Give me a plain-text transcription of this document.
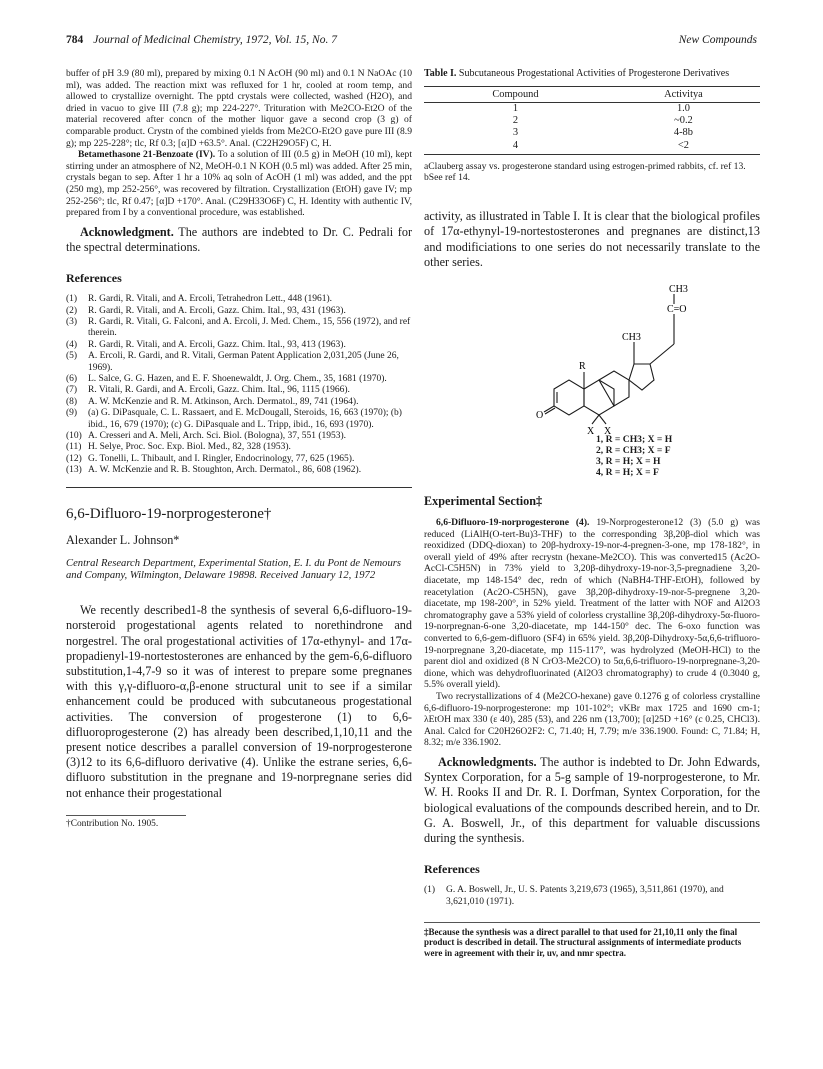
784 Journal of Medicinal Chemistry, 1972, Vol. 15, No. 7	New Compounds

buffer of pH 3.9 (80 ml), prepared by mixing 0.1 N AcOH (90 ml) and 0.1 N NaOAc (10 ml), was added. The reaction mixt was refluxed for 1 hr, cooled at room temp, and allowed to crystallize overnight. The pptd crystals were collected, washed (H2O), and dried in vacuo to give III (7.8 g); mp 224-227°. Trituration with Me2CO-Et2O of the material recovered after concn of the mother liquor gave a second crop (3 g) of comparable product. Crystn of the combined yields from Me2CO-Et2O gave pure III (8.9 g); mp 225-228°; tlc, Rf 0.3; [α]D +63.5°. Anal. (C22H29O5F) C, H.

Betamethasone 21-Benzoate (IV). To a solution of III (0.5 g) in MeOH (10 ml), kept stirring under an atmosphere of N2, MeOH-0.1 N KOH (0.5 ml) was added. After 25 min, crystals began to sep. After 1 hr a 10% aq soln of AcOH (1 ml) was added, and the ppt (250 mg), mp 252-256°, was recovered by filtration. Crystallization (EtOH) gave IV; mp 252-256°; tlc, Rf 0.47; [α]D +170°. Anal. (C29H33O6F) C, H. Identity with authentic IV, prepared from I by a conventional procedure, was established.

Acknowledgment. The authors are indebted to Dr. C. Pedrali for the spectral determinations.

References
(1) R. Gardi, R. Vitali, and A. Ercoli, Tetrahedron Lett., 448 (1961).
(2) R. Gardi, R. Vitali, and A. Ercoli, Gazz. Chim. Ital., 93, 431 (1963).
(3) R. Gardi, R. Vitali, G. Falconi, and A. Ercoli, J. Med. Chem., 15, 556 (1972), and ref therein.
(4) R. Gardi, R. Vitali, and A. Ercoli, Gazz. Chim. Ital., 93, 413 (1963).
(5) A. Ercoli, R. Gardi, and R. Vitali, German Patent Application 2,031,205 (June 26, 1969).
(6) L. Salce, G. G. Hazen, and E. F. Shoenewaldt, J. Org. Chem., 35, 1681 (1970).
(7) R. Vitali, R. Gardi, and A. Ercoli, Gazz. Chim. Ital., 96, 1115 (1966).
(8) A. W. McKenzie and R. M. Atkinson, Arch. Dermatol., 89, 741 (1964).
(9) (a) G. DiPasquale, C. L. Rassaert, and E. McDougall, Steroids, 16, 663 (1970); (b) ibid., 16, 679 (1970); (c) G. DiPasquale and L. Tripp, ibid., 16, 693 (1970).
(10) A. Cresseri and A. Meli, Arch. Sci. Biol. (Bologna), 37, 551 (1953).
(11) H. Selye, Proc. Soc. Exp. Biol. Med., 82, 328 (1953).
(12) G. Tonelli, L. Thibault, and I. Ringler, Endocrinology, 77, 625 (1965).
(13) A. W. McKenzie and R. B. Stoughton, Arch. Dermatol., 86, 608 (1962).
6,6-Difluoro-19-norprogesterone†
Alexander L. Johnson*
Central Research Department, Experimental Station, E. I. du Pont de Nemours and Company, Wilmington, Delaware 19898. Received January 12, 1972

We recently described1-8 the synthesis of several 6,6-difluoro-19-norsteroid progestational agents related to norethindrone and norgestrel. The oral progestational activities of 17α-ethynyl- and 17α-propadienyl-19-nortestosterones are enhanced by the gem-6,6-difluoro substitution,1-4,7-9 so it was of interest to prepare some pregnanes with this γ,γ-difluoro-α,β-enone structural unit to see if a similar enhancement could be produced with subcutaneous progestational activities. The conversion of progesterone (1) to 6,6-difluoroprogesterone (2) has already been described,1,10,11 and the present notice describes a parallel conversion of 19-norprogesterone (3)12 to its 6,6-difluoro derivative (4). Unlike the estrane series, 6,6-difluoro substitution in the pregnane and 19-norpregnane series did not enhance their progestational

†Contribution No. 1905.

Table I. Subcutaneous Progestational Activities of Progesterone Derivatives

Compound	Activitya
1	1.0
2	~0.2
3	4-8b
4	<2

aClauberg assay vs. progesterone standard using estrogen-primed rabbits, cf. ref 13. bSee ref 14.

activity, as illustrated in Table I. It is clear that the biological profiles of 17α-ethynyl-19-nortestosterones and pregnanes are distinct,13 and modificiations to one series do not necessarily translate to the other series.

CH3
C=O
CH3
R
O
X X
1, R = CH3; X = H
2, R = CH3; X = F
3, R = H; X = H
4, R = H; X = F
Experimental Section‡

6,6-Difluoro-19-norprogesterone (4). 19-Norprogesterone12 (3) (5.0 g) was reduced (LiAlH(O-tert-Bu)3-THF) to the corresponding 3β,20β-diol which was reoxidized (DDQ-dioxan) to 20β-hydroxy-19-nor-4-pregnen-3-one, mp 178-182°, in overall yield of 49% after recrystn (hexane-Me2CO). This was converted15 (Ac2O-AcCl-C5H5N) in 73% yield to 3,20β-dihydroxy-19-nor-3,5-pregnadiene 3,20-diacetate, mp 148-154° dec, redn of which (NaBH4-THF-EtOH), followed by reacetylation (Ac2O-C5H5N), gave 3β,20β-dihydroxy-19-nor-5-pregnene 3,20-diacetate, mp 198-200°, in 52% yield. Treatment of the latter with NOF and Al2O3 chromatography gave a 53% yield of colorless crystalline 3β,20β-dihydroxy-5α-fluoro-19-norpregnan-6-one 3,20-diacetate, mp 144-150° dec. The 6-oxo function was converted to 6,6-gem-difluoro (SF4) in 65% yield. 3β,20β-Dihydroxy-5α,6,6-trifluoro-19-norpregnane 3,20-diacetate, mp 115-117°, was hydrolyzed (MeOH-HCl) to the parent diol and oxidized (8 N CrO3-Me2CO) to 5α,6,6-trifluoro-19-norpregnane-3,20-dione, which was dehydrofluorinated (Al2O3 chromatography) to crude 4 (0.3040 g, 5.5% overall yield).

Two recrystallizations of 4 (Me2CO-hexane) gave 0.1276 g of colorless crystalline 6,6-difluoro-19-norprogesterone: mp 101-102°; νKBr max 1725 and 1690 cm-1; λEtOH max 330 (ε 40), 285 (53), and 226 nm (13,700); [α]25D +16° (c 0.25, CHCl3). Anal. Calcd for C20H26O2F2: C, 71.40; H, 7.79; m/e 336.1900. Found: C, 71.84; H, 8.32; m/e 336.1902.

Acknowledgments. The author is indebted to Dr. John Edwards, Syntex Corporation, for a 5-g sample of 19-norprogesterone, to Mr. W. H. Rooks II and Dr. R. I. Dorfman, Syntex Corporation, for the biological evaluations of the compounds described herein, and to Dr. G. A. Boswell, Jr., of this department for valuable discussions during the synthesis.

References
(1) G. A. Boswell, Jr., U. S. Patents 3,219,673 (1965), 3,511,861 (1970), and 3,621,010 (1971).

‡Because the synthesis was a direct parallel to that used for 21,10,11 only the final product is described in detail. The structural assignments of intermediate products were in agreement with their ir, uv, and nmr spectra.
